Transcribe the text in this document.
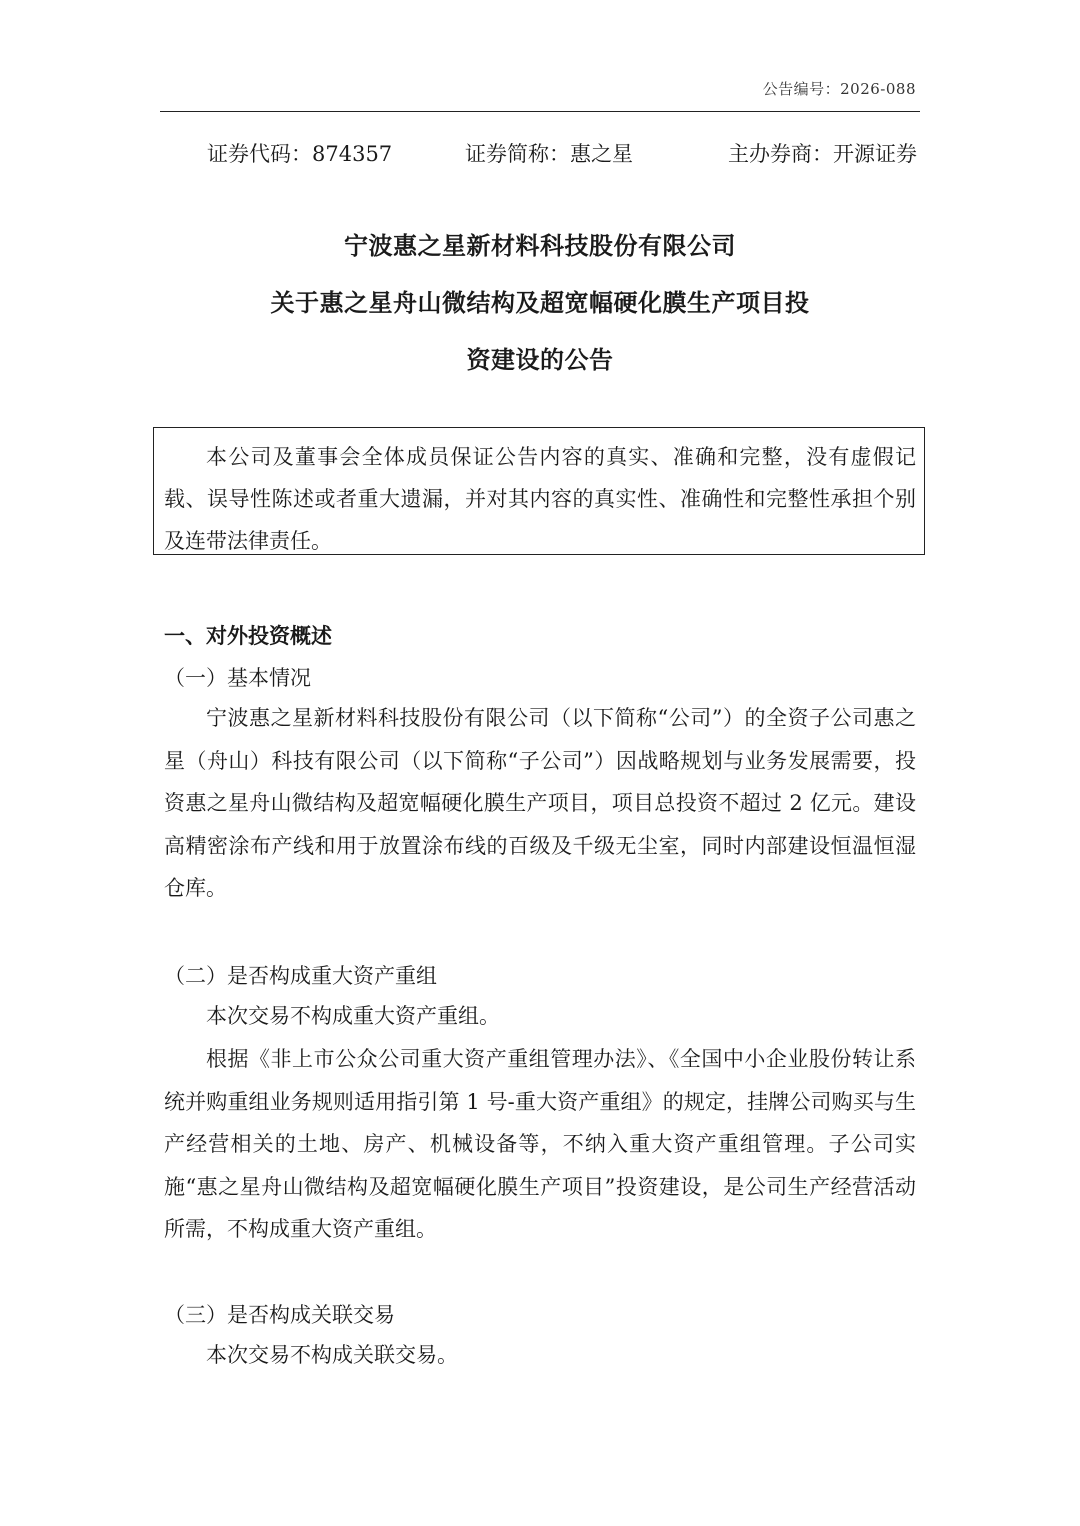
公告编号：2026-088
证券代码：874357	证券简称：惠之星	主办券商：开源证券
宁波惠之星新材料科技股份有限公司
关于惠之星舟山微结构及超宽幅硬化膜生产项目投
资建设的公告

本公司及董事会全体成员保证公告内容的真实、准确和完整，没有虚假记载、误导性陈述或者重大遗漏，并对其内容的真实性、准确性和完整性承担个别及连带法律责任。

一、对外投资概述
（一）基本情况

宁波惠之星新材料科技股份有限公司（以下简称“公司”）的全资子公司惠之星（舟山）科技有限公司（以下简称“子公司”）因战略规划与业务发展需要，投资惠之星舟山微结构及超宽幅硬化膜生产项目，项目总投资不超过 2 亿元。建设高精密涂布产线和用于放置涂布线的百级及千级无尘室，同时内部建设恒温恒湿仓库。

（二）是否构成重大资产重组

本次交易不构成重大资产重组。

根据《非上市公众公司重大资产重组管理办法》、《全国中小企业股份转让系统并购重组业务规则适用指引第 1 号-重大资产重组》的规定，挂牌公司购买与生产经营相关的土地、房产、机械设备等，不纳入重大资产重组管理。子公司实施“惠之星舟山微结构及超宽幅硬化膜生产项目”投资建设，是公司生产经营活动所需，不构成重大资产重组。

（三）是否构成关联交易

本次交易不构成关联交易。
